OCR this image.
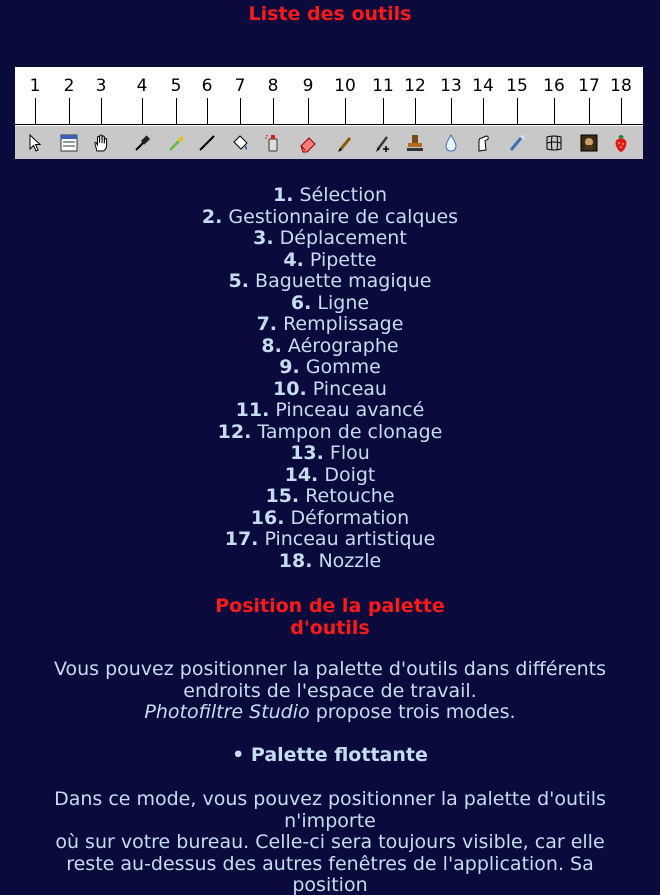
Liste des outils
1 2 3 4 5 6 7 8 9 10 11 12 13 14 15 16 17 18
1. Sélection
2. Gestionnaire de calques
3. Déplacement
4. Pipette
5. Baguette magique
6. Ligne
7. Remplissage
8. Aérographe
9. Gomme
10. Pinceau
11. Pinceau avancé
12. Tampon de clonage
13. Flou
14. Doigt
15. Retouche
16. Déformation
17. Pinceau artistique
18. Nozzle
Position de la palette
d'outils
Vous pouvez positionner la palette d'outils dans différents
endroits de l'espace de travail.
Photofiltre Studio propose trois modes.
• Palette flottante
Dans ce mode, vous pouvez positionner la palette d'outils
n'importe
où sur votre bureau. Celle-ci sera toujours visible, car elle
reste au-dessus des autres fenêtres de l'application. Sa
position
